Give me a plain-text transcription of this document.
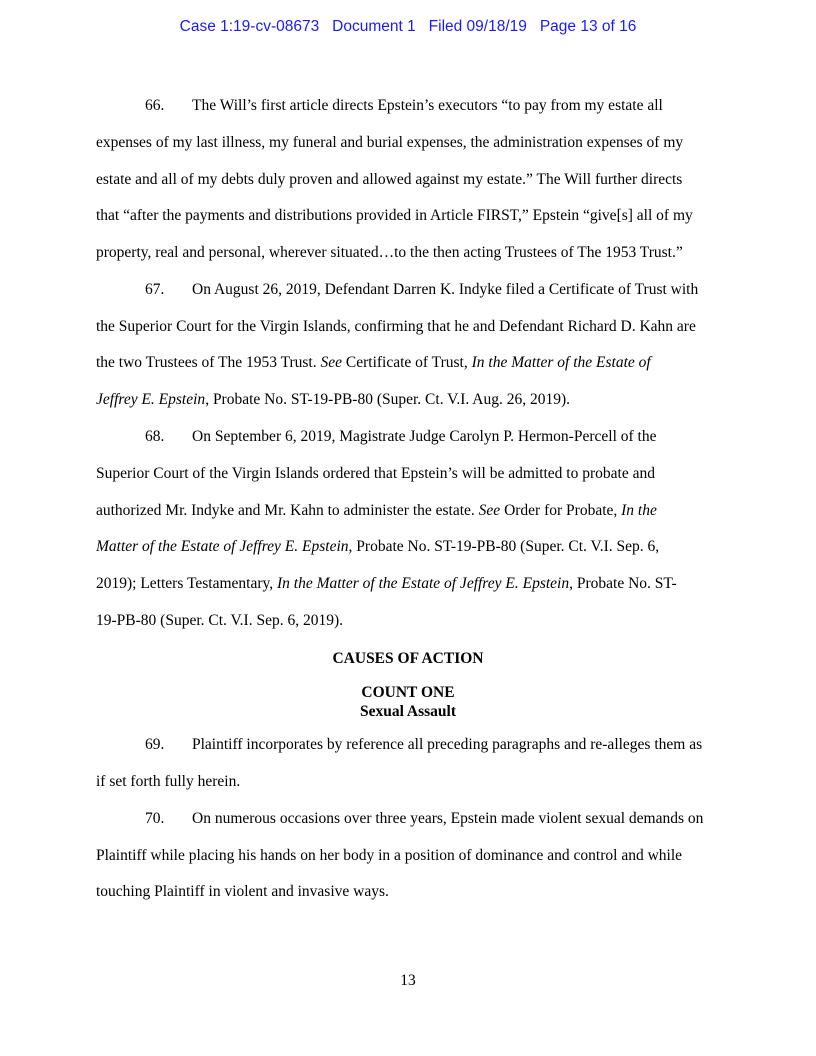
Case 1:19-cv-08673 Document 1 Filed 09/18/19 Page 13 of 16
66. The Will’s first article directs Epstein’s executors “to pay from my estate all
expenses of my last illness, my funeral and burial expenses, the administration expenses of my
estate and all of my debts duly proven and allowed against my estate.” The Will further directs
that “after the payments and distributions provided in Article FIRST,” Epstein “give[s] all of my
property, real and personal, wherever situated…to the then acting Trustees of The 1953 Trust.”
67. On August 26, 2019, Defendant Darren K. Indyke filed a Certificate of Trust with
the Superior Court for the Virgin Islands, confirming that he and Defendant Richard D. Kahn are
the two Trustees of The 1953 Trust. See Certificate of Trust, In the Matter of the Estate of
Jeffrey E. Epstein, Probate No. ST-19-PB-80 (Super. Ct. V.I. Aug. 26, 2019).
68. On September 6, 2019, Magistrate Judge Carolyn P. Hermon-Percell of the
Superior Court of the Virgin Islands ordered that Epstein’s will be admitted to probate and
authorized Mr. Indyke and Mr. Kahn to administer the estate. See Order for Probate, In the
Matter of the Estate of Jeffrey E. Epstein, Probate No. ST-19-PB-80 (Super. Ct. V.I. Sep. 6,
2019); Letters Testamentary, In the Matter of the Estate of Jeffrey E. Epstein, Probate No. ST-
19-PB-80 (Super. Ct. V.I. Sep. 6, 2019).
CAUSES OF ACTION
COUNT ONE
Sexual Assault
69. Plaintiff incorporates by reference all preceding paragraphs and re-alleges them as
if set forth fully herein.
70. On numerous occasions over three years, Epstein made violent sexual demands on
Plaintiff while placing his hands on her body in a position of dominance and control and while
touching Plaintiff in violent and invasive ways.
13
